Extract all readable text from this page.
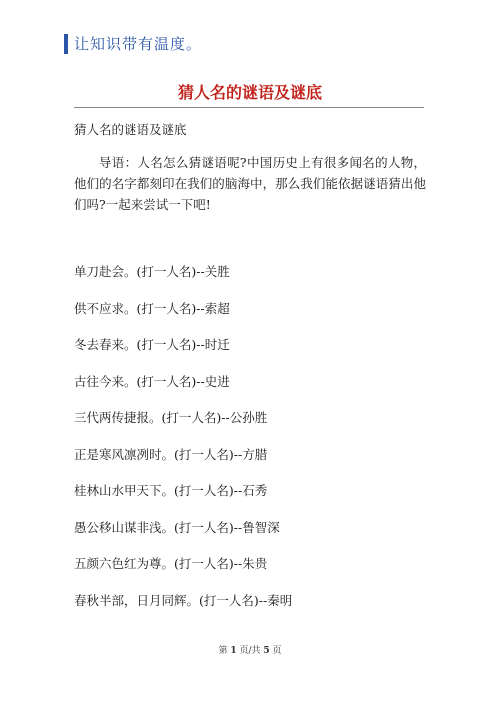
让知识带有温度。
猜人名的谜语及谜底
猜人名的谜语及谜底
导语：人名怎么猜谜语呢?中国历史上有很多闻名的人物，他们的名字都刻印在我们的脑海中，那么我们能依据谜语猜出他们吗?一起来尝试一下吧!
单刀赴会。(打一人名)--关胜
供不应求。(打一人名)--索超
冬去春来。(打一人名)--时迁
古往今来。(打一人名)--史进
三代两传捷报。(打一人名)--公孙胜
正是寒风凛冽时。(打一人名)--方腊
桂林山水甲天下。(打一人名)--石秀
愚公移山谋非浅。(打一人名)--鲁智深
五颜六色红为尊。(打一人名)--朱贵
春秋半部，日月同辉。(打一人名)--秦明
第 1 页/共 5 页
